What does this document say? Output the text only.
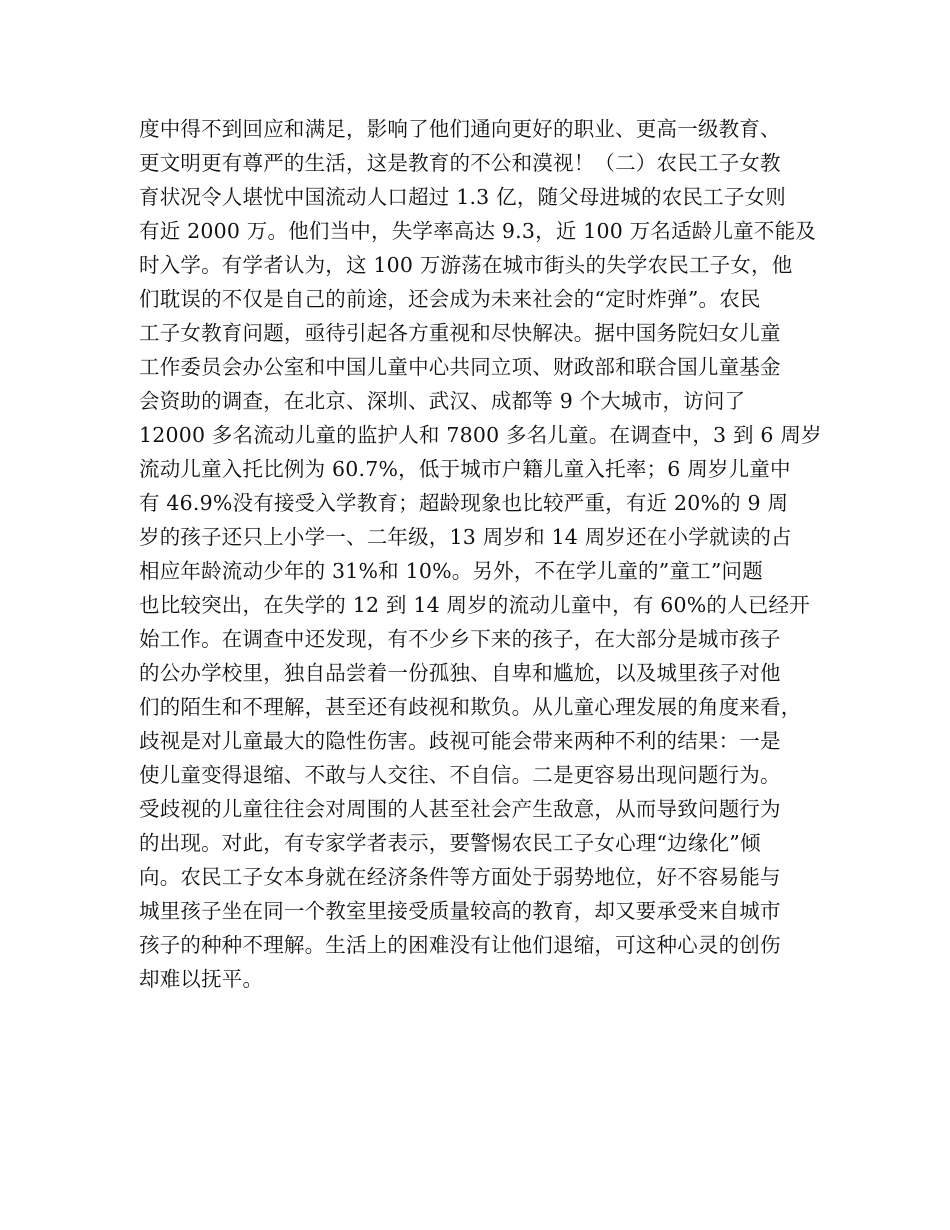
度中得不到回应和满足，影响了他们通向更好的职业、更高一级教育、
更文明更有尊严的生活，这是教育的不公和漠视！（二）农民工子女教
育状况令人堪忧中国流动人口超过 1.3 亿，随父母进城的农民工子女则
有近 2000 万。他们当中，失学率高达 9.3，近 100 万名适龄儿童不能及
时入学。有学者认为，这 100 万游荡在城市街头的失学农民工子女，他
们耽误的不仅是自己的前途，还会成为未来社会的“定时炸弹”。农民
工子女教育问题，亟待引起各方重视和尽快解决。据中国务院妇女儿童
工作委员会办公室和中国儿童中心共同立项、财政部和联合国儿童基金
会资助的调查，在北京、深圳、武汉、成都等 9 个大城市，访问了
12000 多名流动儿童的监护人和 7800 多名儿童。在调查中，3 到 6 周岁
流动儿童入托比例为 60.7%，低于城市户籍儿童入托率；6 周岁儿童中
有 46.9%没有接受入学教育；超龄现象也比较严重，有近 20%的 9 周
岁的孩子还只上小学一、二年级，13 周岁和 14 周岁还在小学就读的占
相应年龄流动少年的 31%和 10%。另外，不在学儿童的”童工”问题
也比较突出，在失学的 12 到 14 周岁的流动儿童中，有 60%的人已经开
始工作。在调查中还发现，有不少乡下来的孩子，在大部分是城市孩子
的公办学校里，独自品尝着一份孤独、自卑和尴尬，以及城里孩子对他
们的陌生和不理解，甚至还有歧视和欺负。从儿童心理发展的角度来看，
歧视是对儿童最大的隐性伤害。歧视可能会带来两种不利的结果：一是
使儿童变得退缩、不敢与人交往、不自信。二是更容易出现问题行为。
受歧视的儿童往往会对周围的人甚至社会产生敌意，从而导致问题行为
的出现。对此，有专家学者表示，要警惕农民工子女心理“边缘化”倾
向。农民工子女本身就在经济条件等方面处于弱势地位，好不容易能与
城里孩子坐在同一个教室里接受质量较高的教育，却又要承受来自城市
孩子的种种不理解。生活上的困难没有让他们退缩，可这种心灵的创伤
却难以抚平。
